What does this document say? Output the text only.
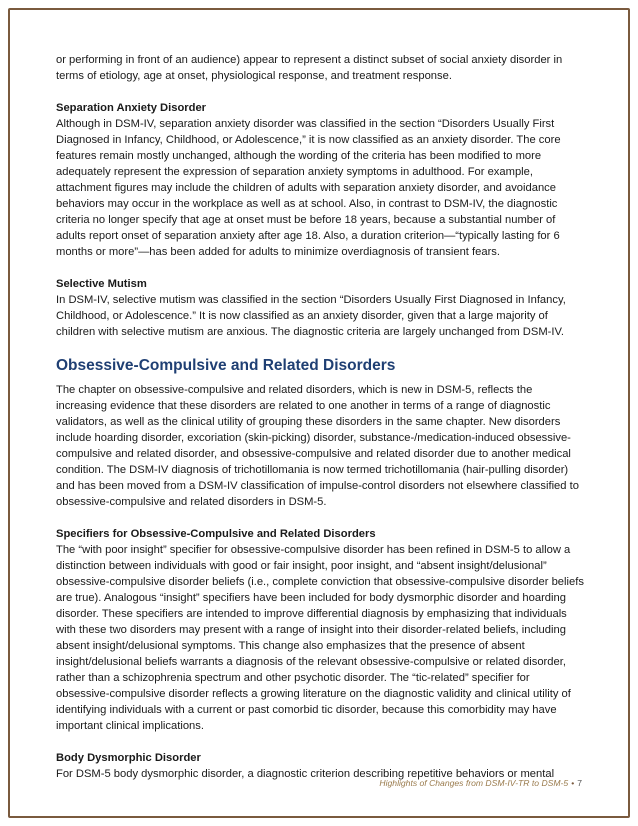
or performing in front of an audience) appear to represent a distinct subset of social anxiety disorder in terms of etiology, age at onset, physiological response, and treatment response.

Separation Anxiety Disorder

Although in DSM-IV, separation anxiety disorder was classified in the section “Disorders Usually First Diagnosed in Infancy, Childhood, or Adolescence,” it is now classified as an anxiety disorder. The core features remain mostly unchanged, although the wording of the criteria has been modified to more adequately represent the expression of separation anxiety symptoms in adulthood. For example, attachment figures may include the children of adults with separation anxiety disorder, and avoidance behaviors may occur in the workplace as well as at school. Also, in contrast to DSM-IV, the diagnostic criteria no longer specify that age at onset must be before 18 years, because a substantial number of adults report onset of separation anxiety after age 18. Also, a duration criterion—“typically lasting for 6 months or more”—has been added for adults to minimize overdiagnosis of transient fears.

Selective Mutism

In DSM-IV, selective mutism was classified in the section “Disorders Usually First Diagnosed in Infancy, Childhood, or Adolescence.” It is now classified as an anxiety disorder, given that a large majority of children with selective mutism are anxious. The diagnostic criteria are largely unchanged from DSM-IV.

Obsessive-Compulsive and Related Disorders

The chapter on obsessive-compulsive and related disorders, which is new in DSM-5, reflects the increasing evidence that these disorders are related to one another in terms of a range of diagnostic validators, as well as the clinical utility of grouping these disorders in the same chapter. New disorders include hoarding disorder, excoriation (skin-picking) disorder, substance-/medication-induced obsessive-compulsive and related disorder, and obsessive-compulsive and related disorder due to another medical condition. The DSM-IV diagnosis of trichotillomania is now termed trichotillomania (hair-pulling disorder) and has been moved from a DSM-IV classification of impulse-control disorders not elsewhere classified to obsessive-compulsive and related disorders in DSM-5.

Specifiers for Obsessive-Compulsive and Related Disorders

The “with poor insight” specifier for obsessive-compulsive disorder has been refined in DSM-5 to allow a distinction between individuals with good or fair insight, poor insight, and “absent insight/delusional” obsessive-compulsive disorder beliefs (i.e., complete conviction that obsessive-compulsive disorder beliefs are true). Analogous “insight” specifiers have been included for body dysmorphic disorder and hoarding disorder. These specifiers are intended to improve differential diagnosis by emphasizing that individuals with these two disorders may present with a range of insight into their disorder-related beliefs, including absent insight/delusional symptoms. This change also emphasizes that the presence of absent insight/delusional beliefs warrants a diagnosis of the relevant obsessive-compulsive or related disorder, rather than a schizophrenia spectrum and other psychotic disorder. The “tic-related” specifier for obsessive-compulsive disorder reflects a growing literature on the diagnostic validity and clinical utility of identifying individuals with a current or past comorbid tic disorder, because this comorbidity may have important clinical implications.

Body Dysmorphic Disorder

For DSM-5 body dysmorphic disorder, a diagnostic criterion describing repetitive behaviors or mental

Highlights of Changes from DSM-IV-TR to DSM-5 • 7
